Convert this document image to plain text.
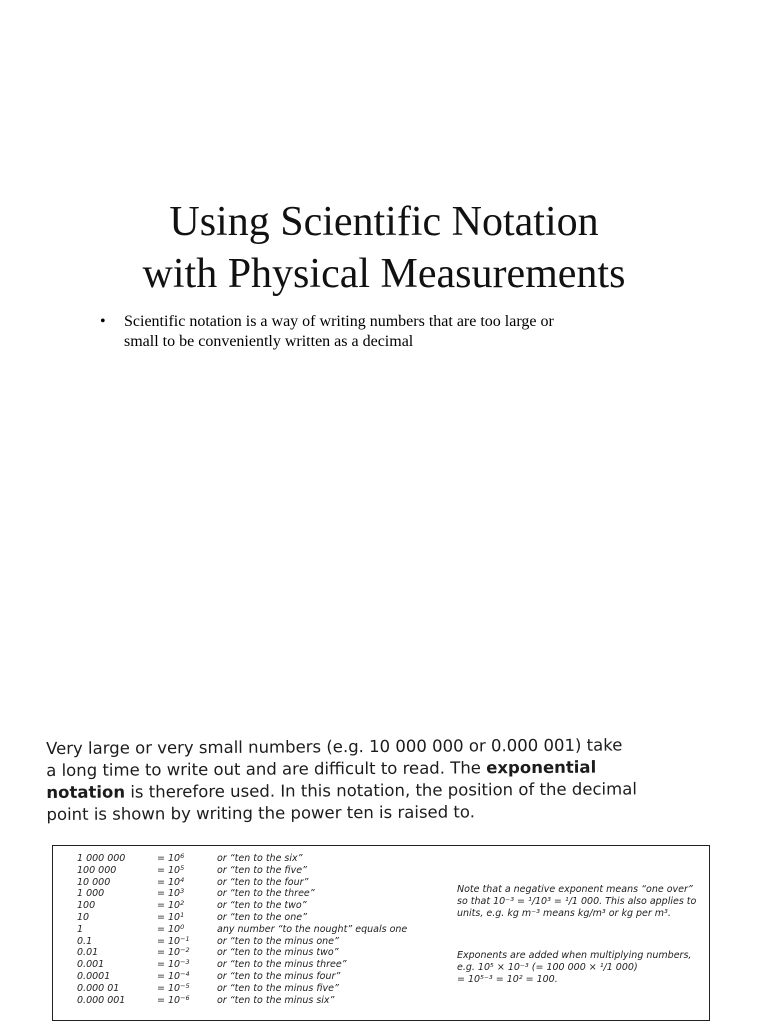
Using Scientific Notation
with Physical Measurements
• Scientific notation is a way of writing numbers that are too large or
small to be conveniently written as a decimal
Very large or very small numbers (e.g. 10 000 000 or 0.000 001) take
a long time to write out and are difficult to read. The exponential
notation is therefore used. In this notation, the position of the decimal
point is shown by writing the power ten is raised to.
1 000 000	= $10^6$	or “ten to the six”
100 000	= $10^5$	or “ten to the five”
10 000	= $10^4$	or “ten to the four”
1 000	= $10^3$	or “ten to the three”
100	= $10^2$	or “ten to the two”
10	= $10^1$	or “ten to the one”
1	= $10^0$	any number “to the nought” equals one
0.1	= $10^{-1}$	or “ten to the minus one”
0.01	= $10^{-2}$	or “ten to the minus two”
0.001	= $10^{-3}$	or “ten to the minus three”
0.0001	= $10^{-4}$	or “ten to the minus four”
0.000 01	= $10^{-5}$	or “ten to the minus five”
0.000 001	= $10^{-6}$	or “ten to the minus six”
Note that a negative exponent means “one over”
so that 10⁻³ = ¹/10³ = ¹/1 000. This also applies to
units, e.g. kg m⁻³ means kg/m³ or kg per m³.
Exponents are added when multiplying numbers,
e.g. 10⁵ × 10⁻³ (= 100 000 × ¹/1 000)
= 10⁵⁻³ = 10² = 100.
